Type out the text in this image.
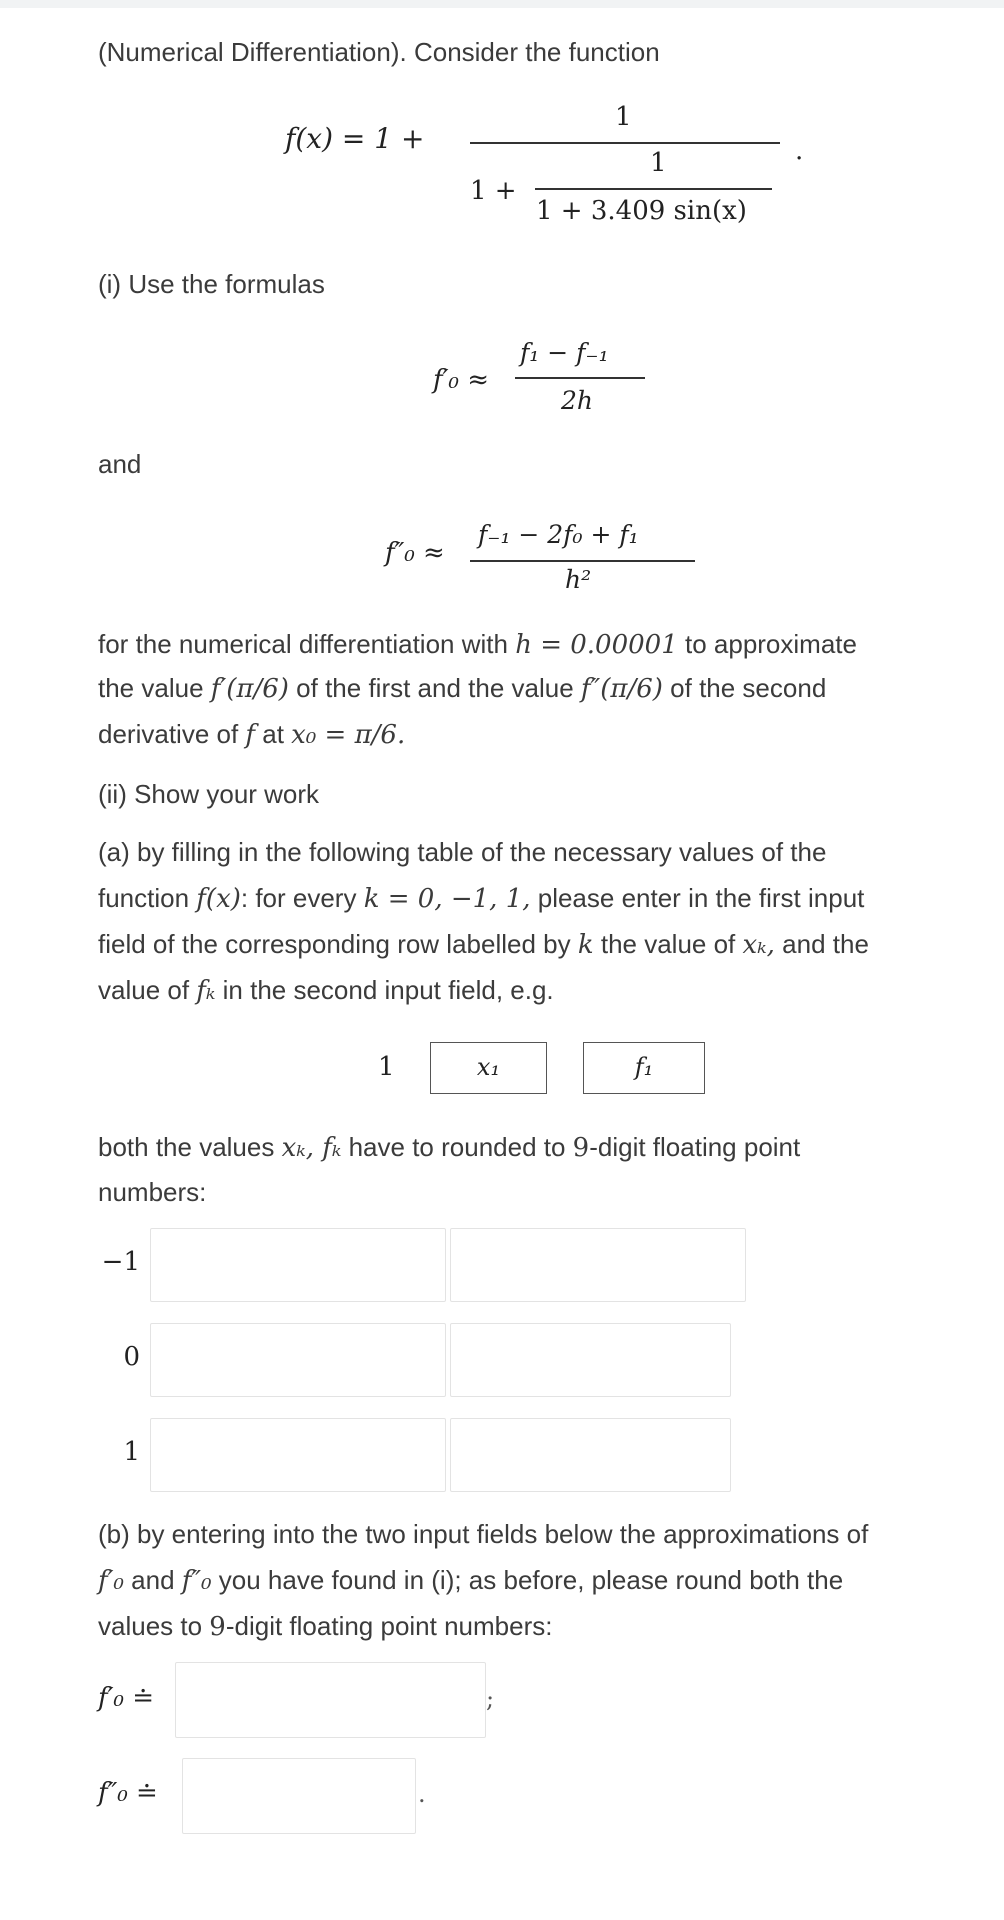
(Numerical Differentiation). Consider the function
f(x) = 1 +
1
.
1 +
1
1 + 3.409 sin(x)
(i) Use the formulas
f′₀ ≈
f₁ − f₋₁
2h
and
f″₀ ≈
f₋₁ − 2f₀ + f₁
h²
for the numerical differentiation with h = 0.00001 to approximate
the value f′(π/6) of the first and the value f″(π/6) of the second
derivative of f at x₀ = π/6.
(ii) Show your work
(a) by filling in the following table of the necessary values of the
function f(x): for every k = 0, −1, 1, please enter in the first input
field of the corresponding row labelled by k the value of xₖ, and the
value of fₖ in the second input field, e.g.
1	x₁	f₁
both the values xₖ, fₖ have to rounded to 9-digit floating point
numbers:
−1
0
1
(b) by entering into the two input fields below the approximations of
f′₀ and f″₀ you have found in (i); as before, please round both the
values to 9-digit floating point numbers:
f′₀ ≐	;
f″₀ ≐	.
